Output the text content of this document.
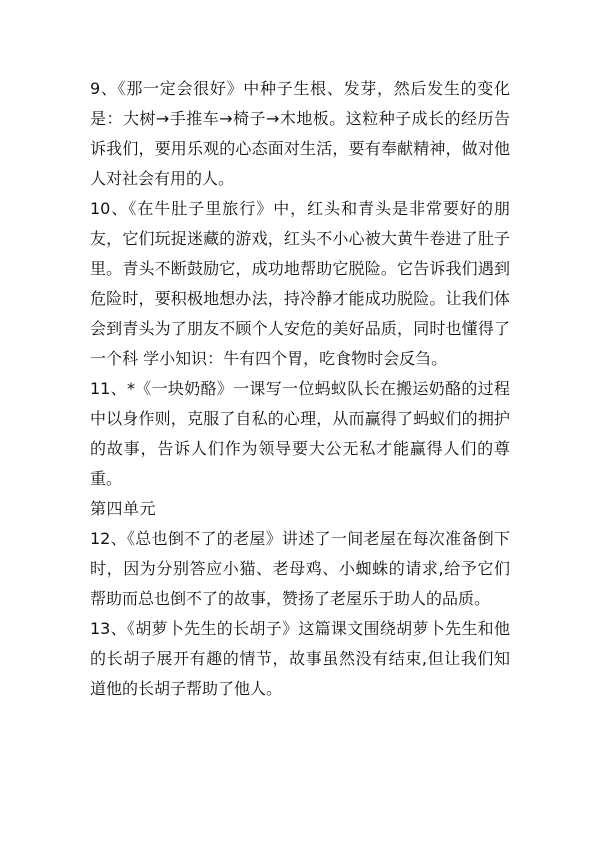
9、《那一定会很好》中种子生根、发芽，然后发生的变化是：大树→手推车→椅子→木地板。这粒种子成长的经历告诉我们，要用乐观的心态面对生活，要有奉献精神，做对他人对社会有用的人。

10、《在牛肚子里旅行》中，红头和青头是非常要好的朋友，它们玩捉迷藏的游戏，红头不小心被大黄牛卷进了肚子里。青头不断鼓励它，成功地帮助它脱险。它告诉我们遇到危险时，要积极地想办法，持冷静才能成功脱险。让我们体会到青头为了朋友不顾个人安危的美好品质，同时也懂得了一个科 学小知识：牛有四个胃，吃食物时会反刍。

11、*《一块奶酪》一课写一位蚂蚁队长在搬运奶酪的过程中以身作则，克服了自私的心理，从而赢得了蚂蚁们的拥护的故事，告诉人们作为领导要大公无私才能赢得人们的尊重。

第四单元

12、《总也倒不了的老屋》讲述了一间老屋在每次准备倒下时，因为分别答应小猫、老母鸡、小蜘蛛的请求,给予它们帮助而总也倒不了的故事，赞扬了老屋乐于助人的品质。

13、《胡萝卜先生的长胡子》这篇课文围绕胡萝卜先生和他的长胡子展开有趣的情节，故事虽然没有结束,但让我们知道他的长胡子帮助了他人。
